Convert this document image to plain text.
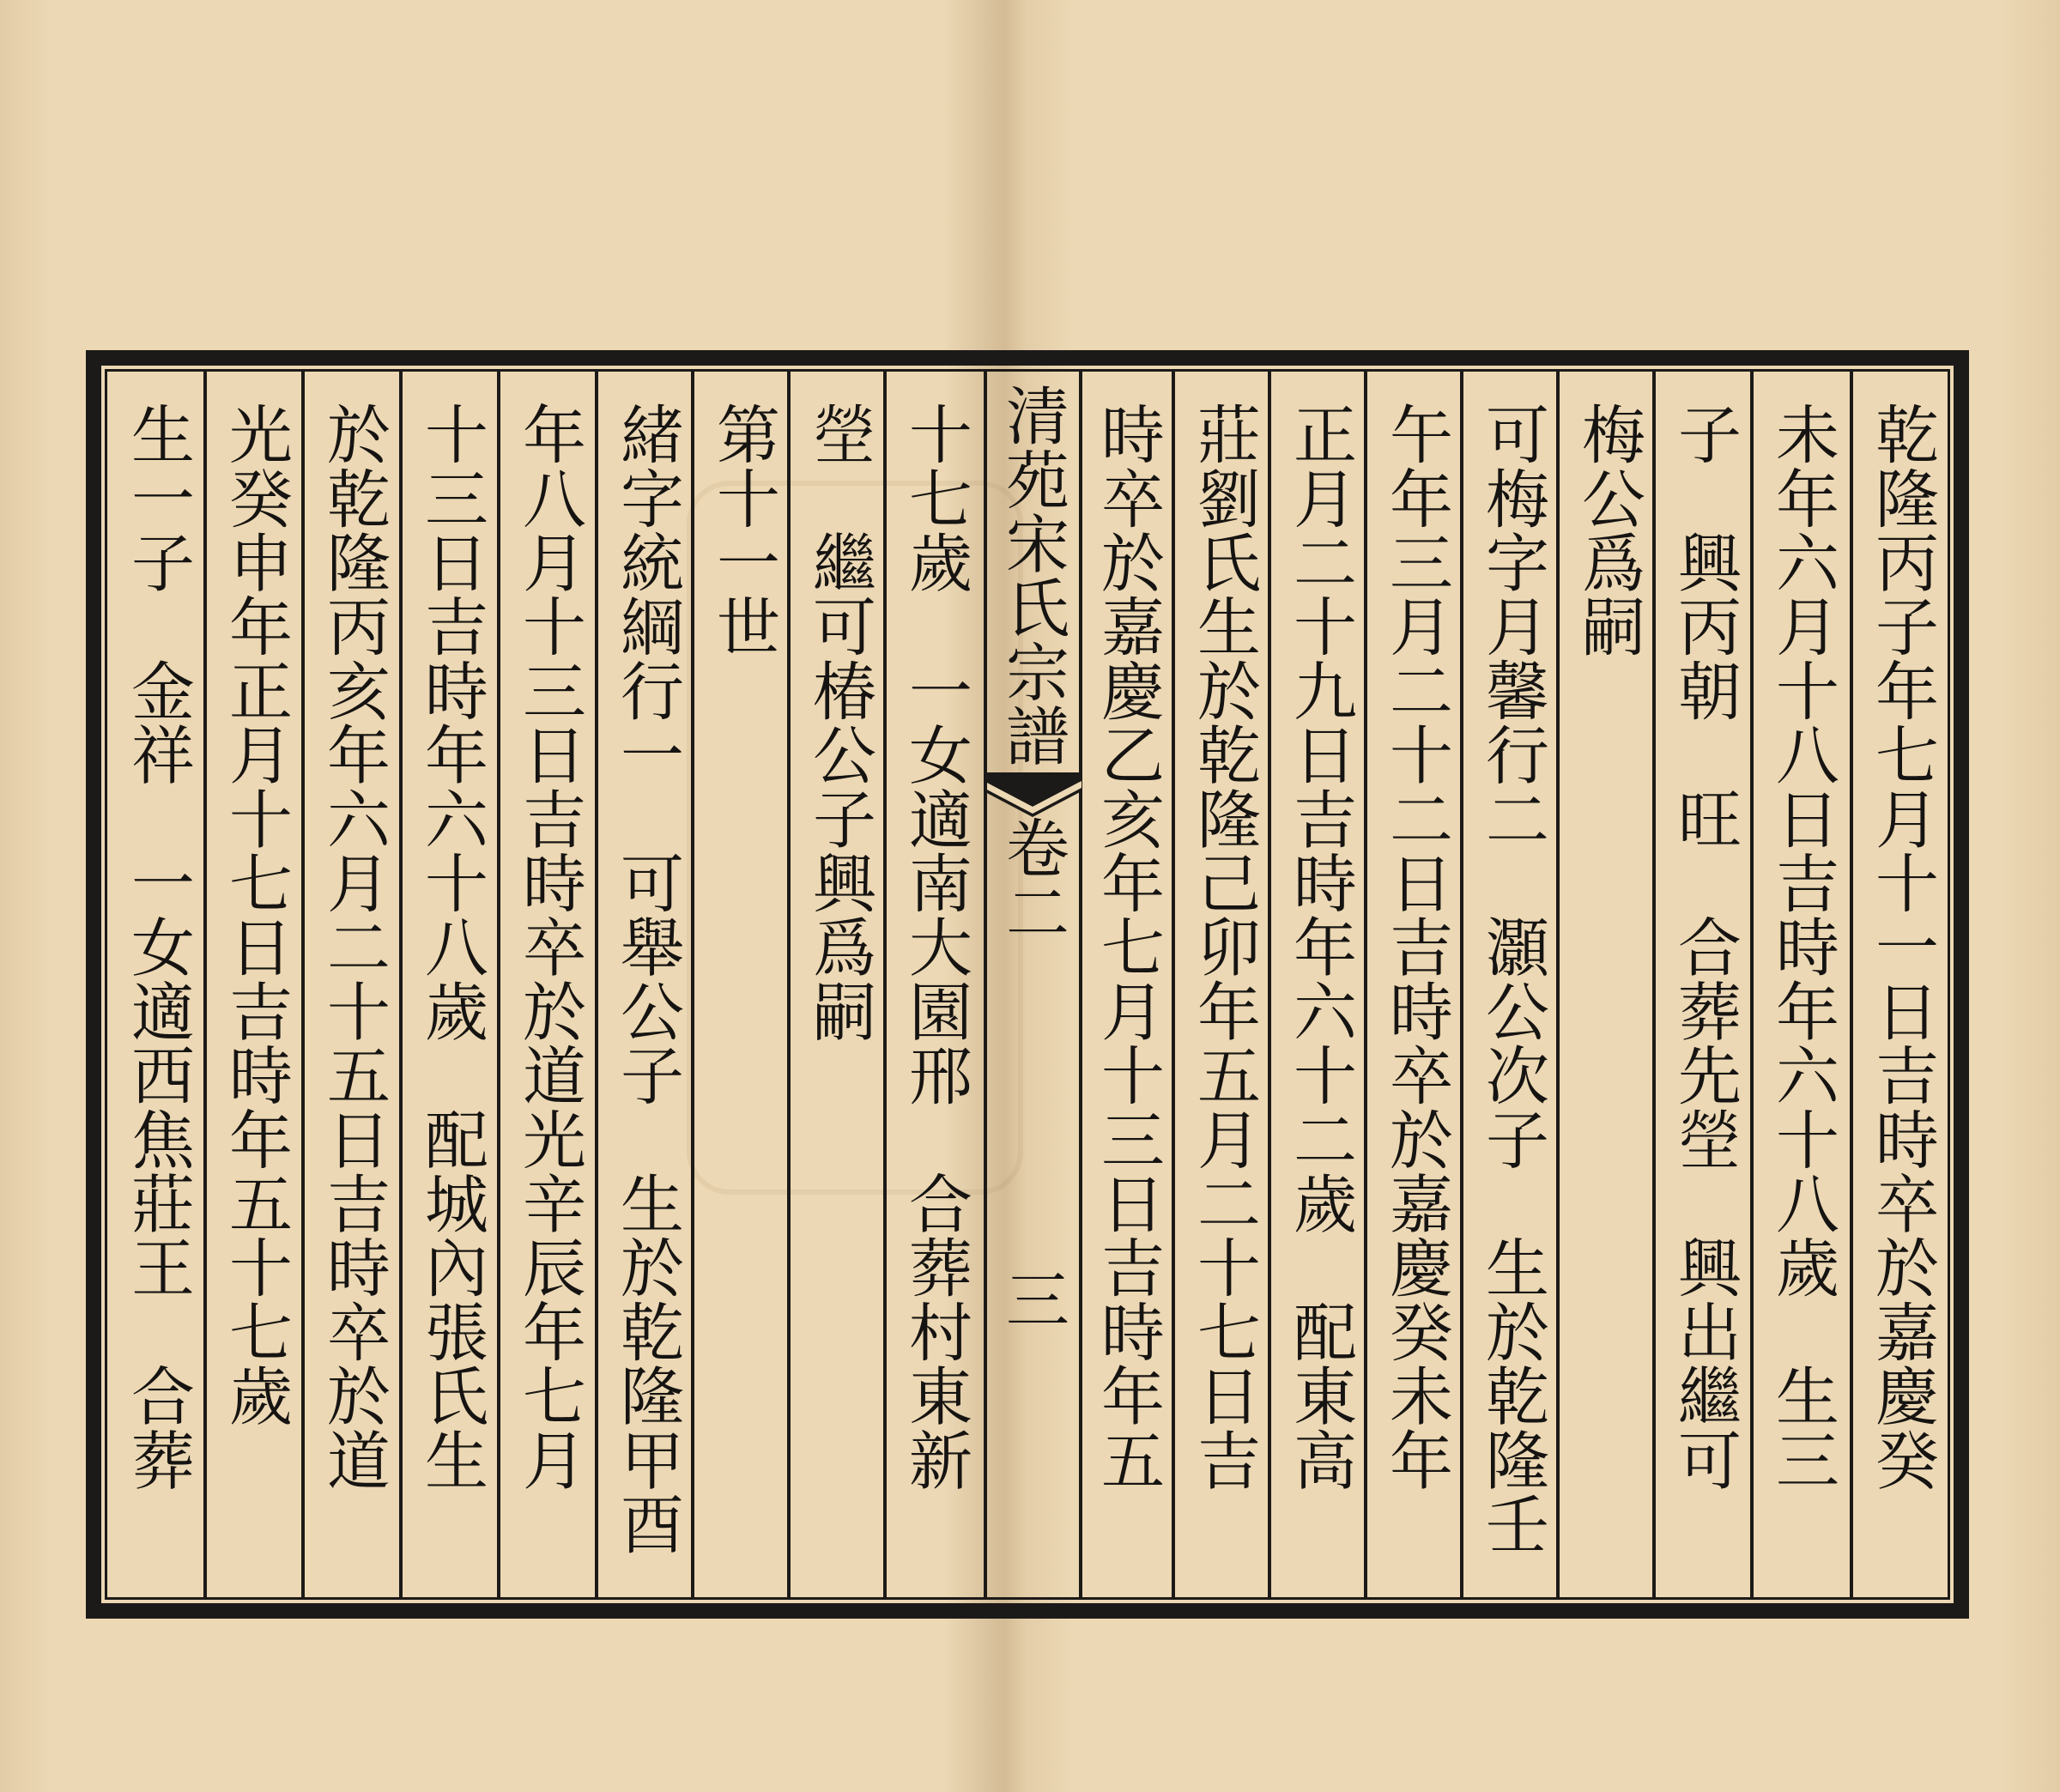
乾隆丙子年七月十一日吉時卒於嘉慶癸
未年六月十八日吉時年六十八歲　生三
子　興丙朝　旺　合葬先塋　興出繼可
梅公爲嗣
可梅字月馨行二　灝公次子　生於乾隆壬
午年三月二十二日吉時卒於嘉慶癸未年
正月二十九日吉時年六十二歲　配東高
莊劉氏生於乾隆己卯年五月二十七日吉
時卒於嘉慶乙亥年七月十三日吉時年五
清苑宋氏宗譜
卷二
三
十七歲　一女適南大園邢　合葬村東新
塋　繼可椿公子興爲嗣
第十一世
緒字統綱行一　可舉公子　生於乾隆甲酉
年八月十三日吉時卒於道光辛辰年七月
十三日吉時年六十八歲　配城內張氏生
於乾隆丙亥年六月二十五日吉時卒於道
光癸申年正月十七日吉時年五十七歲
生一子　金祥　一女適西焦莊王　合葬
